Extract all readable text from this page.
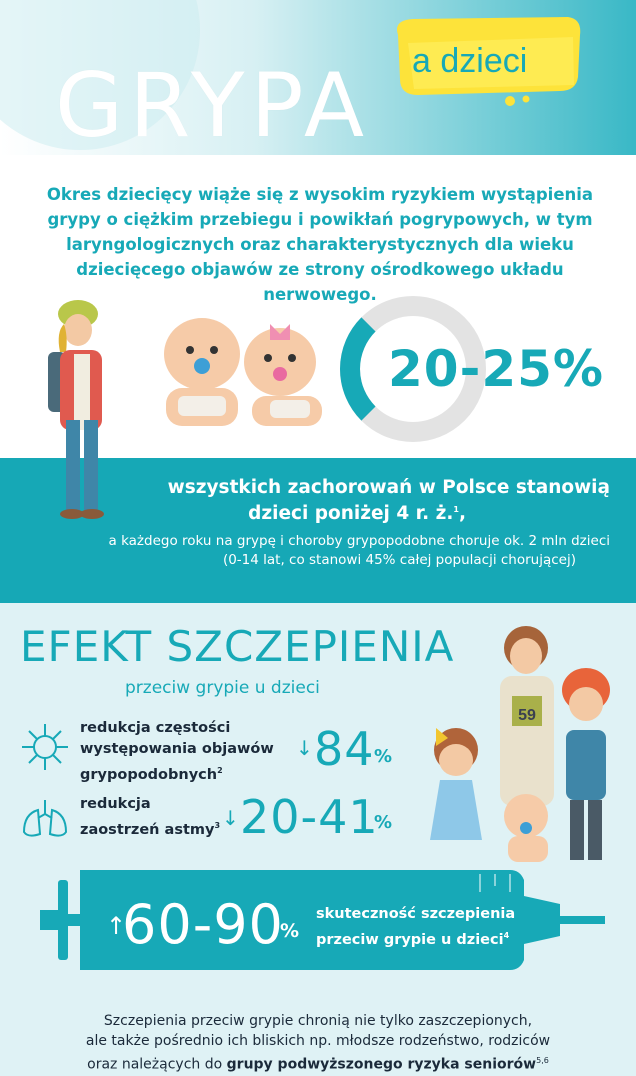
GRYPA a dzieci
Okres dziecięcy wiąże się z wysokim ryzykiem wystąpienia
grypy o ciężkim przebiegu i powikłań pogrypowych, w tym
laryngologicznych oraz charakterystycznych dla wieku
dziecięcego objawów ze strony ośrodkowego układu nerwowego.
20-25%
wszystkich zachorowań w Polsce stanowią
dzieci poniżej 4 r. ż.$^1$,
a każdego roku na grypę i choroby grypopodobne choruje ok. 2 mln dzieci
(0-14 lat, co stanowi 45% całej populacji chorującej)
EFEKT SZCZEPIENIA
przeciw grypie u dzieci
redukcja częstości
występowania objawów
grypopodobnych$^2$
↓ 84 %
redukcja
zaostrzeń astmy$^3$ ↓ 20-41
%
59
↑
60-90
%
skuteczność szczepienia
przeciw grypie u dzieci$^4$
Szczepienia przeciw grypie chronią nie tylko zaszczepionych,
ale także pośrednio ich bliskich np. młodsze rodzeństwo, rodziców
oraz należących do grupy podwyższonego ryzyka seniorów$^{5,6}$
